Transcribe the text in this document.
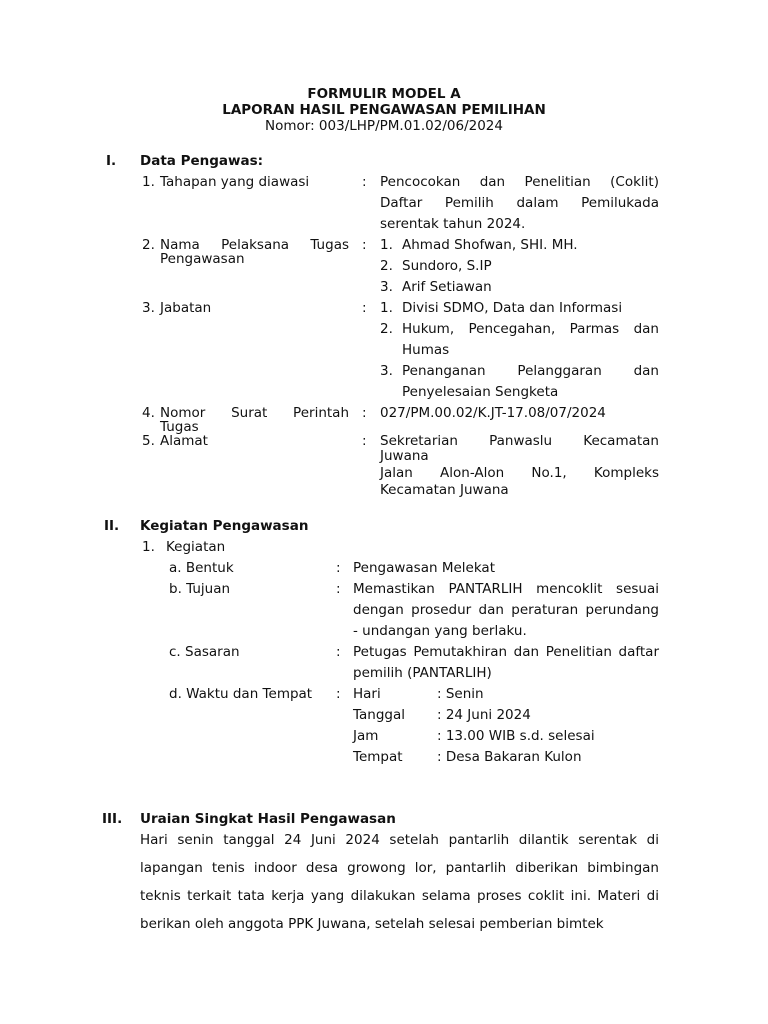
FORMULIR MODEL A
LAPORAN HASIL PENGAWASAN PEMILIHAN
Nomor: 003/LHP/PM.01.02/06/2024
I. Data Pengawas:
1. Tahapan yang diawasi	: Pencocokan dan Penelitian (Coklit)
Daftar Pemilih dalam Pemilukada
serentak tahun 2024.
2. Nama Pelaksana Tugas
Pengawasan
: 1. Ahmad Shofwan, SHI. MH.
2. Sundoro, S.IP
3. Arif Setiawan
3. Jabatan	: 1. Divisi SDMO, Data dan Informasi
2. Hukum, Pencegahan, Parmas dan
Humas
3. Penanganan Pelanggaran dan
Penyelesaian Sengketa
4. Nomor Surat Perintah
Tugas
: 027/PM.00.02/K.JT-17.08/07/2024
5. Alamat	: Sekretarian Panwaslu Kecamatan
Juwana
Jalan Alon-Alon No.1, Kompleks
Kecamatan Juwana
II. Kegiatan Pengawasan
1. Kegiatan
a. Bentuk	: Pengawasan Melekat
b. Tujuan	: Memastikan PANTARLIH mencoklit sesuai
dengan prosedur dan peraturan perundang
- undangan yang berlaku.
c. Sasaran	: Petugas Pemutakhiran dan Penelitian daftar
pemilih (PANTARLIH)
d. Waktu dan Tempat : Hari	: Senin
Tanggal : 24 Juni 2024
Jam	: 13.00 WIB s.d. selesai
Tempat	: Desa Bakaran Kulon
III. Uraian Singkat Hasil Pengawasan
Hari senin tanggal 24 Juni 2024 setelah pantarlih dilantik serentak di lapangan tenis indoor desa growong lor, pantarlih diberikan bimbingan teknis terkait tata kerja yang dilakukan selama proses coklit ini. Materi di berikan oleh anggota PPK Juwana, setelah selesai pemberian bimtek
